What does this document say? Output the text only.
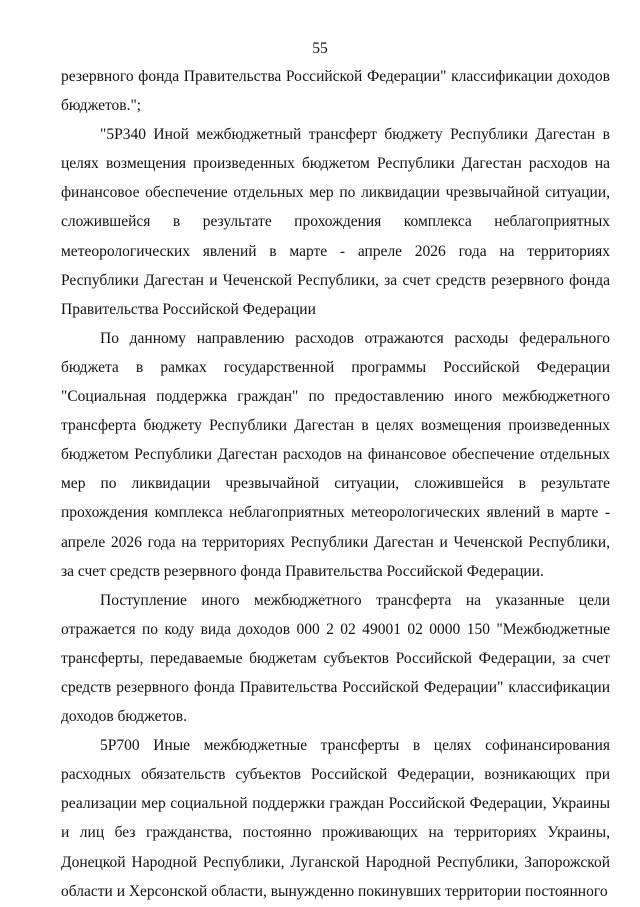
55

резервного фонда Правительства Российской Федерации" классификации доходов бюджетов.";

"5Р340 Иной межбюджетный трансферт бюджету Республики Дагестан в целях возмещения произведенных бюджетом Республики Дагестан расходов на финансовое обеспечение отдельных мер по ликвидации чрезвычайной ситуации, сложившейся в результате прохождения комплекса неблагоприятных метеорологических явлений в марте - апреле 2026 года на территориях Республики Дагестан и Чеченской Республики, за счет средств резервного фонда Правительства Российской Федерации

По данному направлению расходов отражаются расходы федерального бюджета в рамках государственной программы Российской Федерации "Социальная поддержка граждан" по предоставлению иного межбюджетного трансферта бюджету Республики Дагестан в целях возмещения произведенных бюджетом Республики Дагестан расходов на финансовое обеспечение отдельных мер по ликвидации чрезвычайной ситуации, сложившейся в результате прохождения комплекса неблагоприятных метеорологических явлений в марте - апреле 2026 года на территориях Республики Дагестан и Чеченской Республики, за счет средств резервного фонда Правительства Российской Федерации.

Поступление иного межбюджетного трансферта на указанные цели отражается по коду вида доходов 000 2 02 49001 02 0000 150 "Межбюджетные трансферты, передаваемые бюджетам субъектов Российской Федерации, за счет средств резервного фонда Правительства Российской Федерации" классификации доходов бюджетов.

5Р700 Иные межбюджетные трансферты в целях софинансирования расходных обязательств субъектов Российской Федерации, возникающих при реализации мер социальной поддержки граждан Российской Федерации, Украины и лиц без гражданства, постоянно проживающих на территориях Украины, Донецкой Народной Республики, Луганской Народной Республики, Запорожской области и Херсонской области, вынужденно покинувших территории постоянного
